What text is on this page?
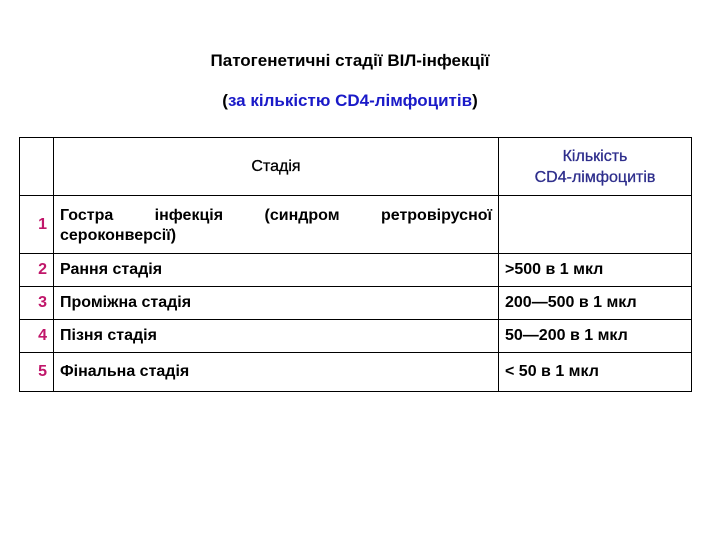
Патогенетичні стадії ВІЛ-інфекції
(за кількістю CD4-лімфоцитів)
	Стадія	Кількість
CD4-лімфоцитів

1	Гостра інфекція (синдром ретровірусної сероконверсії)	
2	Рання стадія	>500 в 1 мкл
3	Проміжна стадія	200—500 в 1 мкл
4	Пізня стадія	50—200 в 1 мкл
5	Фінальна стадія	< 50 в 1 мкл
